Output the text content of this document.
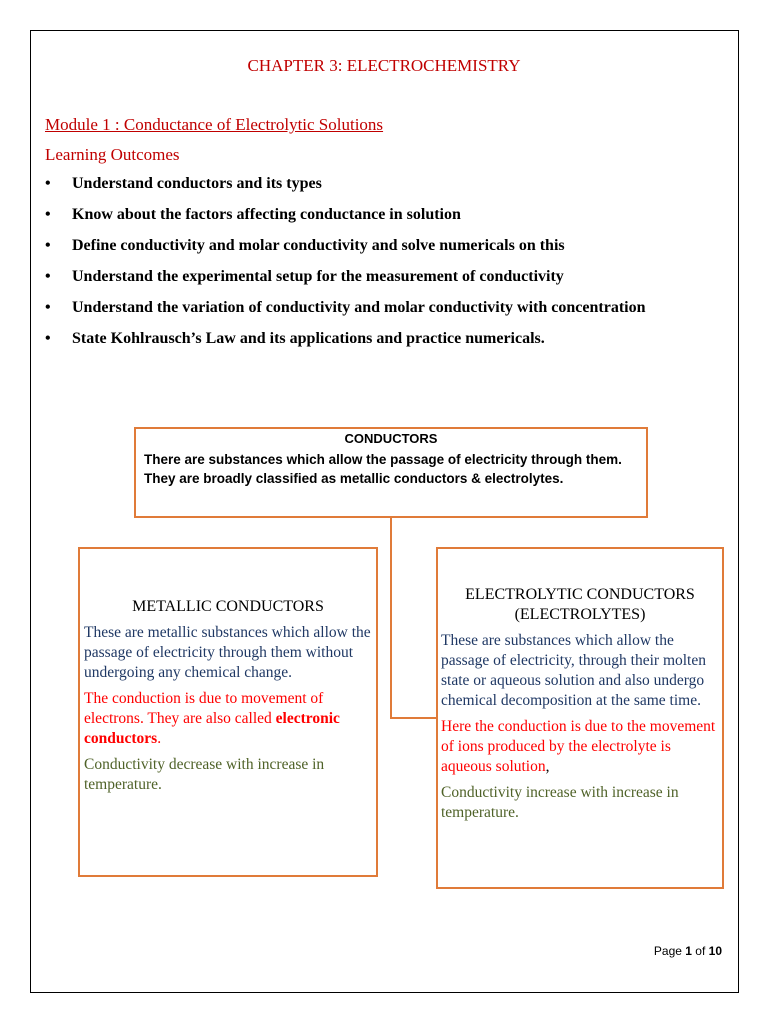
CHAPTER 3: ELECTROCHEMISTRY
Module 1 : Conductance of Electrolytic Solutions
Learning Outcomes
• Understand conductors and its types
• Know about the factors affecting conductance in solution
• Define conductivity and molar conductivity and solve numericals on this
• Understand the experimental setup for the measurement of conductivity
• Understand the variation of conductivity and molar conductivity with concentration
• State Kohlrausch’s Law and its applications and practice numericals.
CONDUCTORS
There are substances which allow the passage of electricity through them. They are broadly classified as metallic conductors & electrolytes.
METALLIC CONDUCTORS

These are metallic substances which allow the passage of electricity through them without undergoing any chemical change.

The conduction is due to movement of electrons. They are also called electronic conductors.

Conductivity decrease with increase in temperature.

ELECTROLYTIC CONDUCTORS
(ELECTROLYTES)

These are substances which allow the passage of electricity, through their molten state or aqueous solution and also undergo chemical decomposition at the same time.

Here the conduction is due to the movement of ions produced by the electrolyte is aqueous solution,

Conductivity increase with increase in temperature.

Page 1 of 10
